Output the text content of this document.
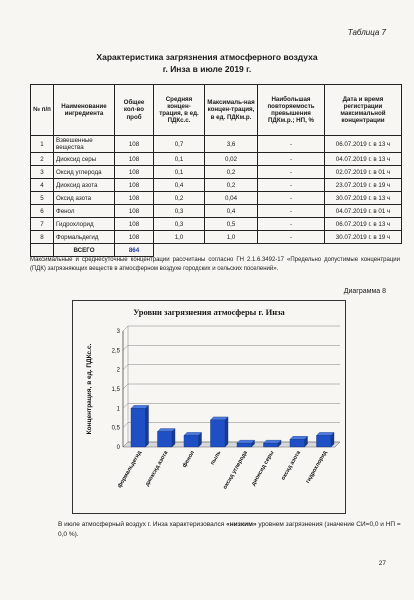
Таблица 7
Характеристика загрязнения атмосферного воздуха
г. Инза в июле 2019 г.
№ п/п	Наименование ингредиента	Общее кол-во проб	Средняя концен-трация, в ед. ПДКс.с.	Максималь-ная концен-трация, в ед. ПДКм.р.	Наибольшая повторяемость превышения ПДКм.р.; НП, %	Дата и время регистрации максимальной концентрации
1	Взвешенные вещества	108	0,7	3,6	-	06.07.2019 г. в 13 ч
2	Диоксид серы	108	0,1	0,02	-	04.07.2019 г. в 13 ч
3	Оксид углерода	108	0,1	0,2	-	02.07.2019 г. в 01 ч
4	Диоксид азота	108	0,4	0,2	-	23.07.2019 г. в 19 ч
5	Оксид азота	108	0,2	0,04	-	30.07.2019 г. в 13 ч
6	Фенол	108	0,3	0,4	-	04.07.2019 г. в 01 ч
7	Гидрохлорид	108	0,3	0,5	-	06.07.2019 г. в 13 ч
8	Формальдегид	108	1,0	1,0	-	30.07.2019 г. в 19 ч
	ВСЕГО	864				
Максимальные и среднесуточные концентрации рассчитаны согласно ГН 2.1.6.3492-17 «Предельно допустимые концентрации (ПДК) загрязняющих веществ в атмосферном воздухе городских и сельских поселений».
Диаграмма 8
0
0,5
1
1,5
2
2,5
3
Концентрация, в ед. ПДКс.с.
формальдегид диоксид азота фенол пыль оксид углерода диоксид серы оксид азота гидрохлорид
Уровни загрязнения атмосферы г. Инза
В июле атмосферный воздух г. Инза характеризовался «низким» уровнем загрязнения (значение СИ=0,0 и НП = 0,0 %).
27
